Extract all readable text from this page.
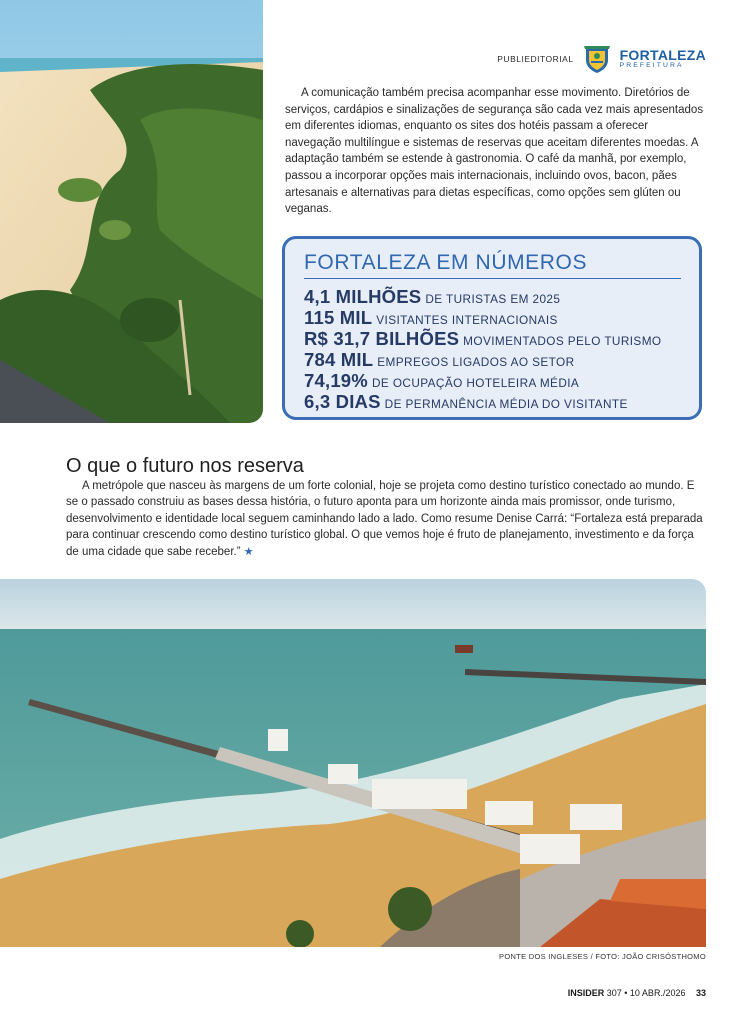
PUBLIEDITORIAL	FORTALEZA
PREFEITURA

A comunicação também precisa acompanhar esse movimento. Diretórios de serviços, cardápios e sinalizações de segurança são cada vez mais apresentados em diferentes idiomas, enquanto os sites dos hotéis passam a oferecer navegação multilíngue e sistemas de reservas que aceitam diferentes moedas. A adaptação também se estende à gastronomia. O café da manhã, por exemplo, passou a incorporar opções mais internacionais, incluindo ovos, bacon, pães artesanais e alternativas para dietas específicas, como opções sem glúten ou veganas.

FORTALEZA EM NÚMEROS
4,1 MILHÕES DE TURISTAS EM 2025
115 MIL VISITANTES INTERNACIONAIS
R$ 31,7 BILHÕES MOVIMENTADOS PELO TURISMO
784 MIL EMPREGOS LIGADOS AO SETOR
74,19% DE OCUPAÇÃO HOTELEIRA MÉDIA
6,3 DIAS DE PERMANÊNCIA MÉDIA DO VISITANTE
O que o futuro nos reserva

A metrópole que nasceu às margens de um forte colonial, hoje se projeta como destino turístico conectado ao mundo. E se o passado construiu as bases dessa história, o futuro aponta para um horizonte ainda mais promissor, onde turismo, desenvolvimento e identidade local seguem caminhando lado a lado. Como resume Denise Carrá: “Fortaleza está preparada para continuar crescendo como destino turístico global. O que vemos hoje é fruto de planejamento, investimento e da força de uma cidade que sabe receber.” ★

PONTE DOS INGLESES / FOTO: JOÃO CRISÓSTHOMO
INSIDER 307 • 10 ABR./2026 33
